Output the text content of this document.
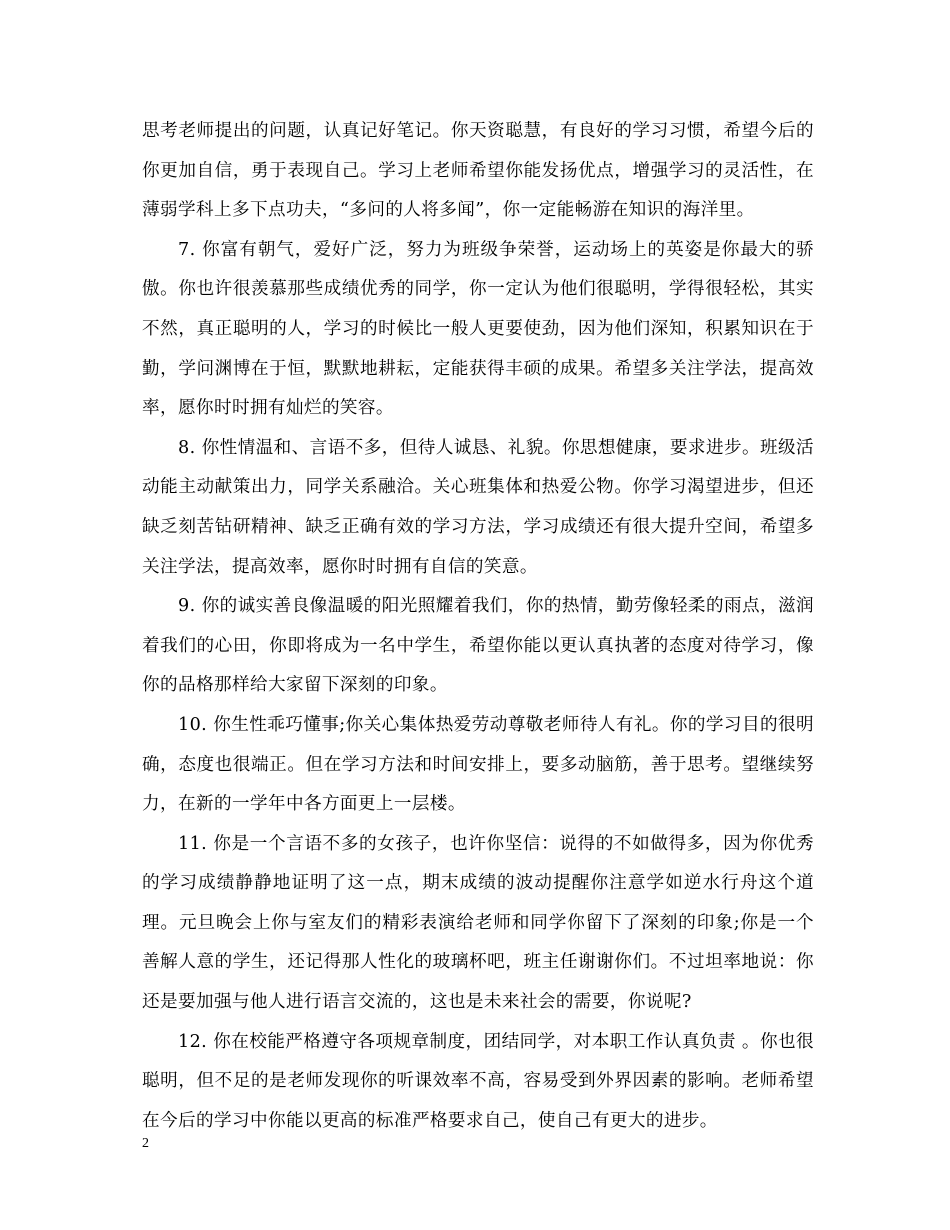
思考老师提出的问题，认真记好笔记。你天资聪慧，有良好的学习习惯，希望今后的你更加自信，勇于表现自己。学习上老师希望你能发扬优点，增强学习的灵活性，在薄弱学科上多下点功夫，“多问的人将多闻”，你一定能畅游在知识的海洋里。

7. 你富有朝气，爱好广泛，努力为班级争荣誉，运动场上的英姿是你最大的骄傲。你也许很羡慕那些成绩优秀的同学，你一定认为他们很聪明，学得很轻松，其实不然，真正聪明的人，学习的时候比一般人更要使劲，因为他们深知，积累知识在于勤，学问渊博在于恒，默默地耕耘，定能获得丰硕的成果。希望多关注学法，提高效率，愿你时时拥有灿烂的笑容。

8. 你性情温和、言语不多，但待人诚恳、礼貌。你思想健康，要求进步。班级活动能主动献策出力，同学关系融洽。关心班集体和热爱公物。你学习渴望进步，但还缺乏刻苦钻研精神、缺乏正确有效的学习方法，学习成绩还有很大提升空间，希望多关注学法，提高效率，愿你时时拥有自信的笑意。

9. 你的诚实善良像温暖的阳光照耀着我们，你的热情，勤劳像轻柔的雨点，滋润着我们的心田，你即将成为一名中学生，希望你能以更认真执著的态度对待学习，像你的品格那样给大家留下深刻的印象。

10. 你生性乖巧懂事;你关心集体热爱劳动尊敬老师待人有礼。你的学习目的很明确，态度也很端正。但在学习方法和时间安排上，要多动脑筋，善于思考。望继续努力，在新的一学年中各方面更上一层楼。

11. 你是一个言语不多的女孩子，也许你坚信：说得的不如做得多，因为你优秀的学习成绩静静地证明了这一点，期末成绩的波动提醒你注意学如逆水行舟这个道理。元旦晚会上你与室友们的精彩表演给老师和同学你留下了深刻的印象;你是一个善解人意的学生，还记得那人性化的玻璃杯吧，班主任谢谢你们。不过坦率地说：你还是要加强与他人进行语言交流的，这也是未来社会的需要，你说呢?

12. 你在校能严格遵守各项规章制度，团结同学，对本职工作认真负责 。你也很聪明，但不足的是老师发现你的听课效率不高，容易受到外界因素的影响。老师希望在今后的学习中你能以更高的标准严格要求自己，使自己有更大的进步。

2
